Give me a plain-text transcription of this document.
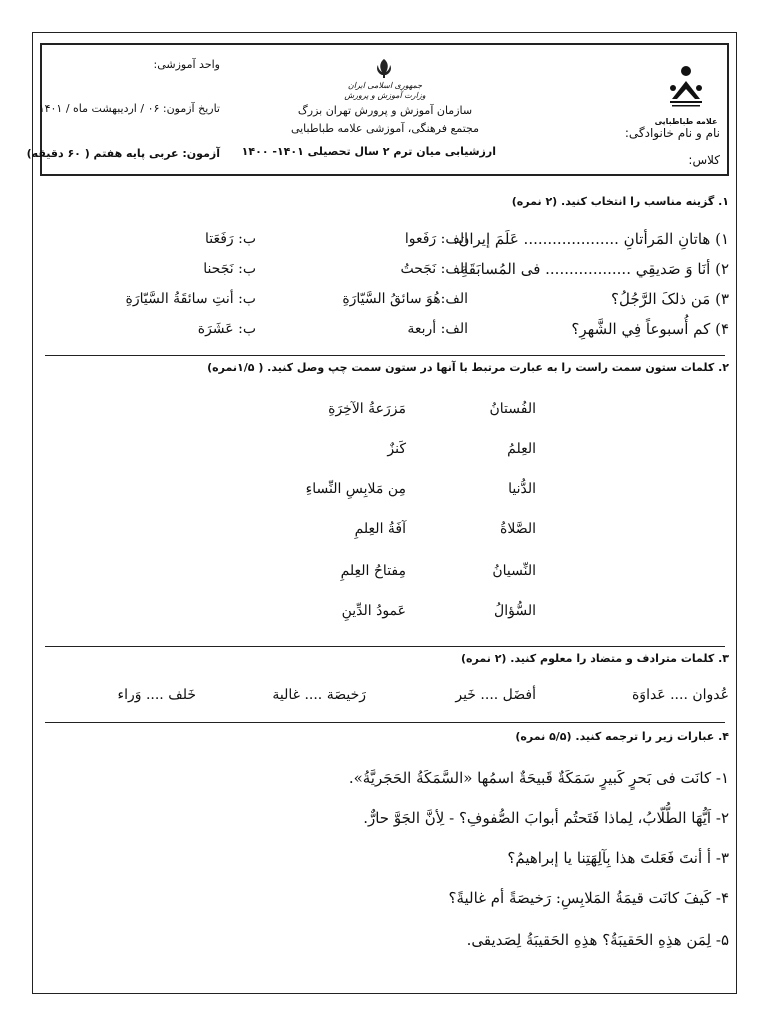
واحد آموزشی:
تاریخ آزمون: ۰۶ / اردیبهشت ماه / ۱۴۰۱
آزمون: عربی پایه هفتم ( ۶۰ دقیقه)
جمهوری اسلامی ایران
وزارت آموزش و پرورش
سازمان آموزش و پرورش تهران بزرگ
مجتمع فرهنگی، آموزشی علامه طباطبایی
ارزشیابی میان ترم ۲ سال تحصیلی ۱۴۰۱- ۱۴۰۰
علامه طباطبایی
نام و نام خانوادگی:
کلاس:
۱. گزینه مناسب را انتخاب کنید. (۲ نمره)
۱) هاتانِ المَرأتانِ .................... عَلَمَ إیران.
الف: رَفَعوا
ب: رَفَعَتا
۲) أنَا وَ صَدیقِي .................. فی المُسابَقَةِ.
الف: نَجَحتُ
ب: نَجَحنا
۳) مَن ذلکَ الرَّجُلُ؟
الف:هُوَ سائقُ السَّیّارَةِ
ب: أنتِ سائقَةُ السَّیّارَةِ
۴) کم أُسبوعاً فِي الشَّهرِ؟
الف: أربعة
ب: عَشَرَة
۲. کلمات ستون سمت راست را به عبارت مرتبط با آنها در ستون سمت چپ وصل کنید. ( ۱/۵نمره)
الفُستانُ
العِلمُ
الدُّنیا
الصَّلاةُ
النِّسیانُ
السُّؤالُ
مَزرَعةُ الآخِرَةِ
کَنزٌ
مِن مَلابِسِ النِّساءِ
آفَةُ العِلمِ
مِفتاحُ العِلمِ
عَمودُ الدِّینِ
۳. کلمات مترادف و متضاد را معلوم کنید. (۲ نمره)
عُدوان .... عَداوَة
أفضَل .... خَیر
رَخیصَة .... غالیة
خَلف .... وَراء
۴. عبارات زیر را ترجمه کنید. (۵/۵ نمره)
۱- کانَت فی بَحرٍ کَبیرٍ سَمَکَةٌ قَبیحَةٌ اسمُها «السَّمَکَةُ الحَجَریَّةُ».
۲- اَیُّهَا الطُّلّابُ، لِماذا فَتَحتُم أبوابَ الصُّفوفِ؟ - لِأنَّ الجَوَّ حارٌّ.
۳- أ أنتَ فَعَلتَ هذا بِآلِهَتِنا یا إبراهیمُ؟
۴- کَیفَ کانَت قیمَةُ المَلابِسِ: رَخیصَةً أم غالیةً؟
۵- لِمَن هذِهِ الحَقیبَةُ؟ هذِهِ الحَقیبَةُ لِصَدیقی.
